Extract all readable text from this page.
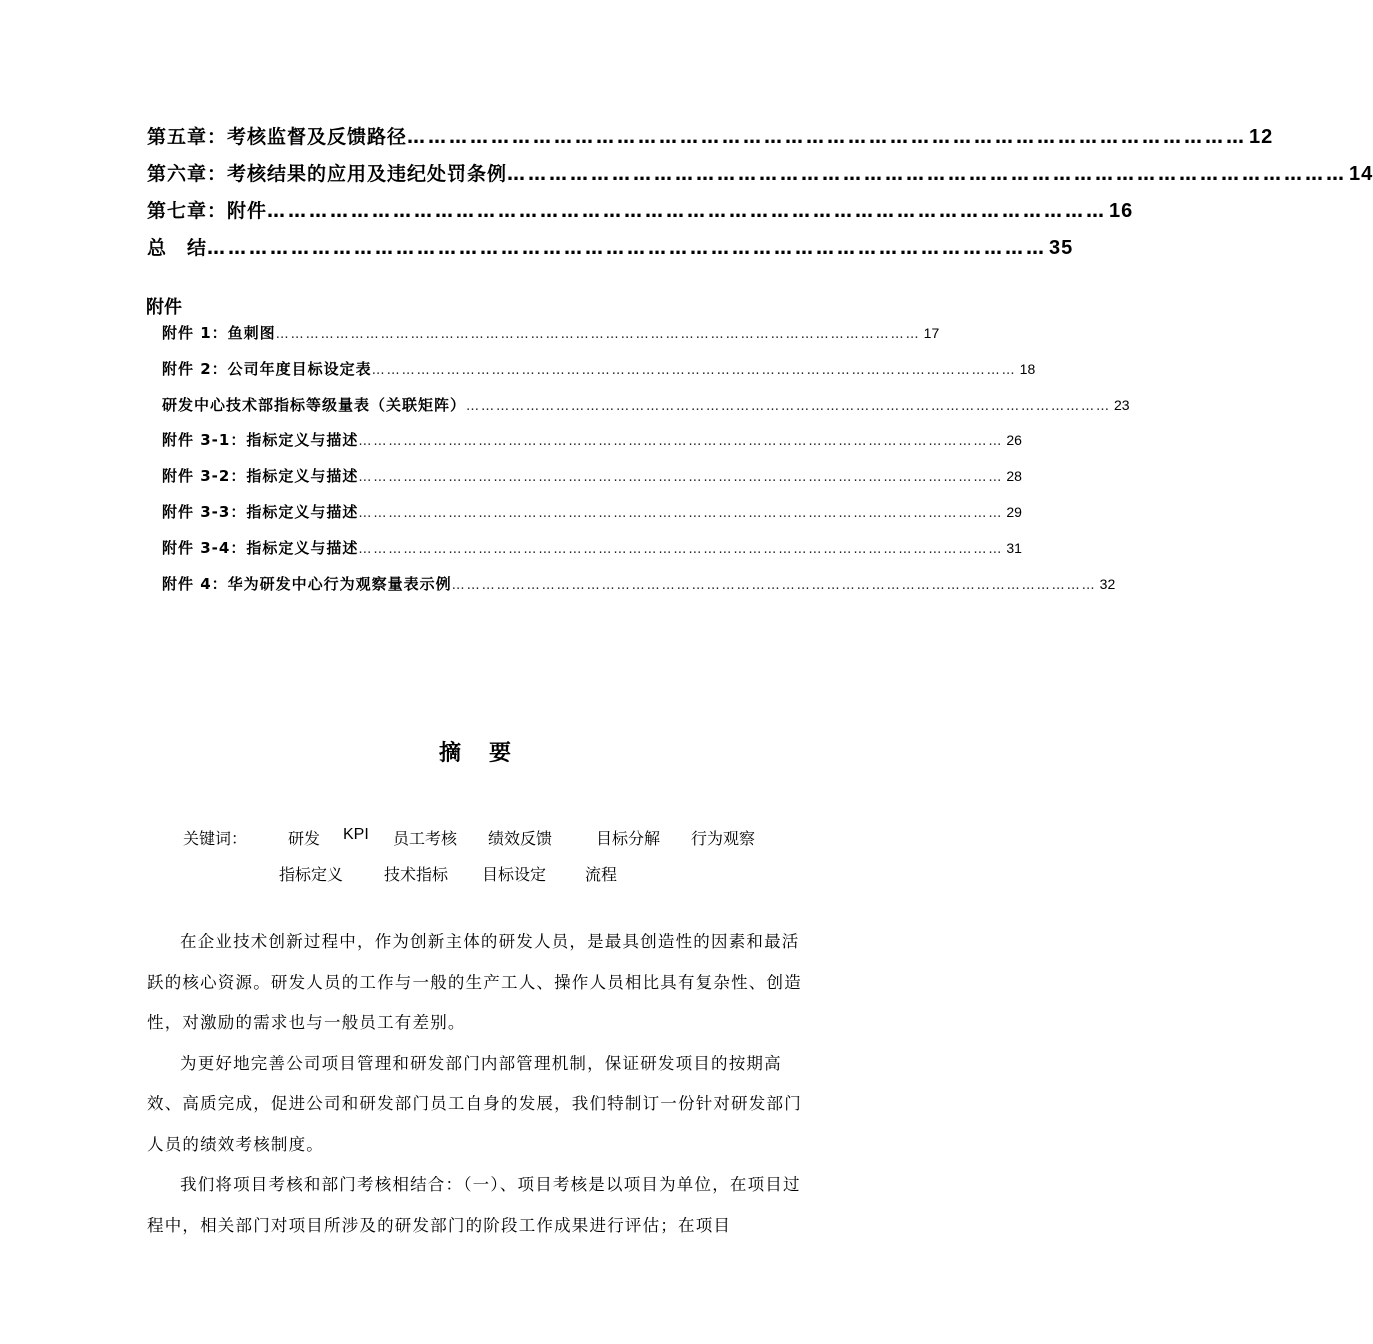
第五章：考核监督及反馈路径 ………………………………………………………………………………………………………… 12
第六章：考核结果的应用及违纪处罚条例 ………………………………………………………………………………………………………… 14
第七章：附件 ………………………………………………………………………………………………………… 16
总　结 ………………………………………………………………………………………………………… 35
附件
附件 1：鱼刺图 ………………………………………………………………………………………………………………… 17
附件 2：公司年度目标设定表 ………………………………………………………………………………………………………………… 18
研发中心技术部指标等级量表（关联矩阵） ………………………………………………………………………………………………………………… 23
附件 3-1：指标定义与描述 ………………………………………………………………………………………………………………… 26
附件 3-2：指标定义与描述 ………………………………………………………………………………………………………………… 28
附件 3-3：指标定义与描述 ………………………………………………………………………………………………………………… 29
附件 3-4：指标定义与描述 ………………………………………………………………………………………………………………… 31
附件 4：华为研发中心行为观察量表示例 ………………………………………………………………………………………………………………… 32
摘要
关键词：	研发 KPI 员工考核 绩效反馈	目标分解 行为观察
指标定义	技术指标 目标设定 流程

在企业技术创新过程中，作为创新主体的研发人员，是最具创造性的因素和最活跃的核心资源。研发人员的工作与一般的生产工人、操作人员相比具有复杂性、创造性，对激励的需求也与一般员工有差别。

为更好地完善公司项目管理和研发部门内部管理机制，保证研发项目的按期高效、高质完成，促进公司和研发部门员工自身的发展，我们特制订一份针对研发部门人员的绩效考核制度。

我们将项目考核和部门考核相结合：（一）、项目考核是以项目为单位，在项目过程中，相关部门对项目所涉及的研发部门的阶段工作成果进行评估；在项目
